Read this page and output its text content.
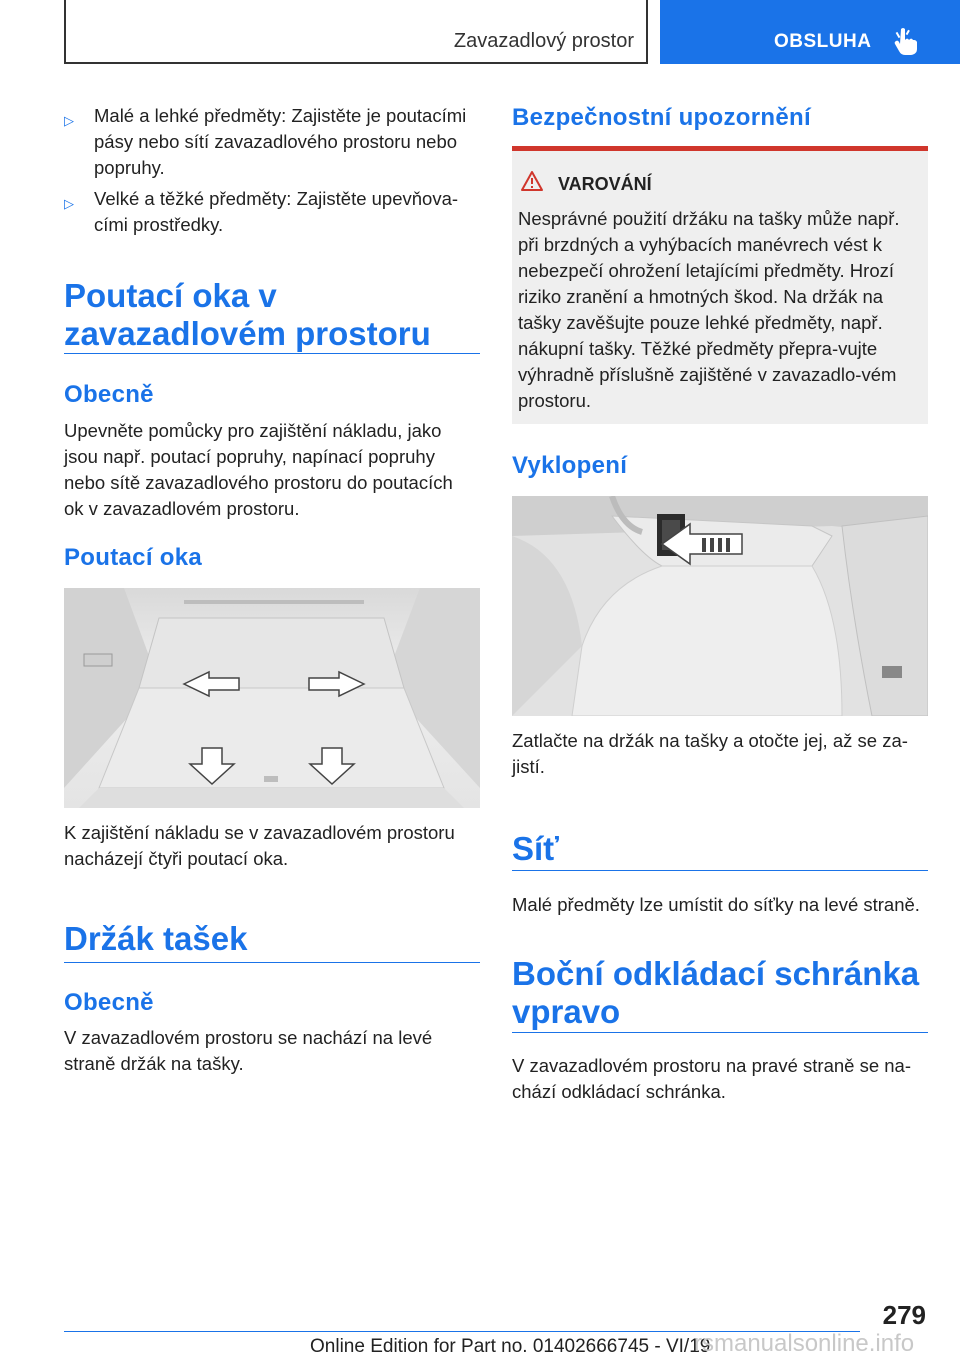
Zavazadlový prostor	OBSLUHA
▷ Malé a lehké předměty: Zajistěte je poutacími pásy nebo sítí zavazadlového prostoru nebo popruhy.
▷ Velké a těžké předměty: Zajistěte upevňova-cími prostředky.
Poutací oka v zavazadlovém prostoru
Obecně
Upevněte pomůcky pro zajištění nákladu, jako jsou např. poutací popruhy, napínací popruhy nebo sítě zavazadlového prostoru do poutacích ok v zavazadlovém prostoru.
Poutací oka
K zajištění nákladu se v zavazadlovém prostoru nacházejí čtyři poutací oka.
Držák tašek
Obecně
V zavazadlovém prostoru se nachází na levé straně držák na tašky.
Bezpečnostní upozornění
VAROVÁNÍ
Nesprávné použití držáku na tašky může např. při brzdných a vyhýbacích manévrech vést k nebezpečí ohrožení letajícími předměty. Hrozí riziko zranění a hmotných škod. Na držák na tašky zavěšujte pouze lehké předměty, např. nákupní tašky. Těžké předměty přepra-vujte výhradně příslušně zajištěné v zavazadlo-vém prostoru.
Vyklopení
Zatlačte na držák na tašky a otočte jej, až se za-jistí.
Síť
Malé předměty lze umístit do síťky na levé straně.
Boční odkládací schránka vpravo
V zavazadlovém prostoru na pravé straně se na-chází odkládací schránka.
279
Online Edition for Part no. 01402666745 - VI/19
rsmanualsonline.info
